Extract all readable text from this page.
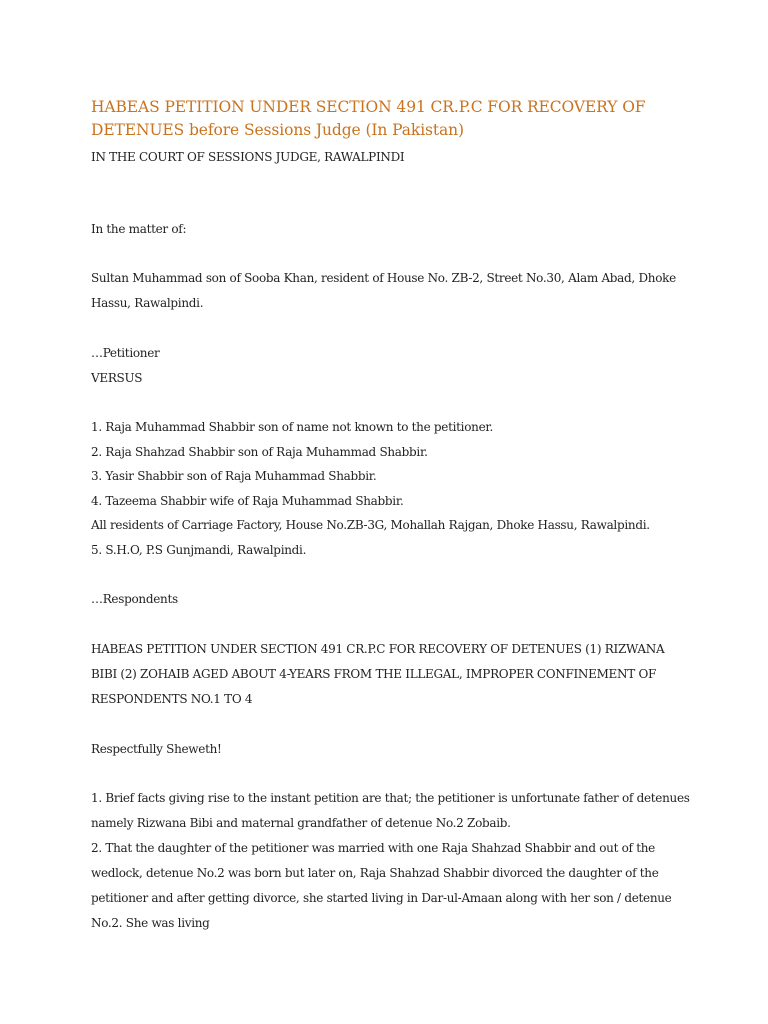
HABEAS PETITION UNDER SECTION 491 CR.P.C FOR RECOVERY OF DETENUES before Sessions Judge (In Pakistan)

IN THE COURT OF SESSIONS JUDGE, RAWALPINDI

In the matter of:

Sultan Muhammad son of Sooba Khan, resident of House No. ZB-2, Street No.30, Alam Abad, Dhoke Hassu, Rawalpindi.

…Petitioner

VERSUS

1. Raja Muhammad Shabbir son of name not known to the petitioner.

2. Raja Shahzad Shabbir son of Raja Muhammad Shabbir.

3. Yasir Shabbir son of Raja Muhammad Shabbir.

4. Tazeema Shabbir wife of Raja Muhammad Shabbir.

All residents of Carriage Factory, House No.ZB-3G, Mohallah Rajgan, Dhoke Hassu, Rawalpindi.

5. S.H.O, P.S Gunjmandi, Rawalpindi.

…Respondents

HABEAS PETITION UNDER SECTION 491 CR.P.C FOR RECOVERY OF DETENUES (1) RIZWANA BIBI (2) ZOHAIB AGED ABOUT 4-YEARS FROM THE ILLEGAL, IMPROPER CONFINEMENT OF RESPONDENTS NO.1 TO 4

Respectfully Sheweth!

1. Brief facts giving rise to the instant petition are that; the petitioner is unfortunate father of detenues namely Rizwana Bibi and maternal grandfather of detenue No.2 Zobaib.

2. That the daughter of the petitioner was married with one Raja Shahzad Shabbir and out of the wedlock, detenue No.2 was born but later on, Raja Shahzad Shabbir divorced the daughter of the petitioner and after getting divorce, she started living in Dar-ul-Amaan along with her son / detenue No.2. She was living
